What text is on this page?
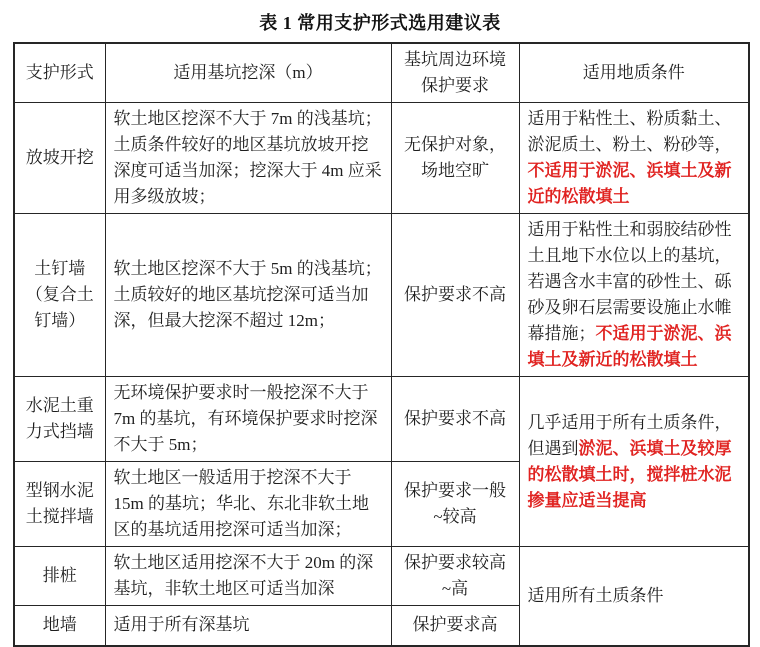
表 1 常用支护形式选用建议表
支护形式	适用基坑挖深（m）	基坑周边环境保护要求	适用地质条件
放坡开挖	软土地区挖深不大于 7m 的浅基坑；土质条件较好的地区基坑放坡开挖深度可适当加深；挖深大于 4m 应采用多级放坡；	无保护对象，场地空旷	适用于粘性土、粉质黏土、淤泥质土、粉土、粉砂等，不适用于淤泥、浜填土及新近的松散填土
土钉墙（复合土钉墙）	软土地区挖深不大于 5m 的浅基坑；土质较好的地区基坑挖深可适当加深，但最大挖深不超过 12m；	保护要求不高	适用于粘性土和弱胶结砂性土且地下水位以上的基坑，若遇含水丰富的砂性土、砾砂及卵石层需要设施止水帷幕措施；不适用于淤泥、浜填土及新近的松散填土
水泥土重力式挡墙	无环境保护要求时一般挖深不大于 7m 的基坑，有环境保护要求时挖深不大于 5m；	保护要求不高	几乎适用于所有土质条件，但遇到淤泥、浜填土及较厚的松散填土时，搅拌桩水泥掺量应适当提高
型钢水泥土搅拌墙	软土地区一般适用于挖深不大于 15m 的基坑；华北、东北非软土地区的基坑适用挖深可适当加深；	保护要求一般~较高	
排桩	软土地区适用挖深不大于 20m 的深基坑，非软土地区可适当加深	保护要求较高~高	适用所有土质条件
地墙	适用于所有深基坑	保护要求高	
